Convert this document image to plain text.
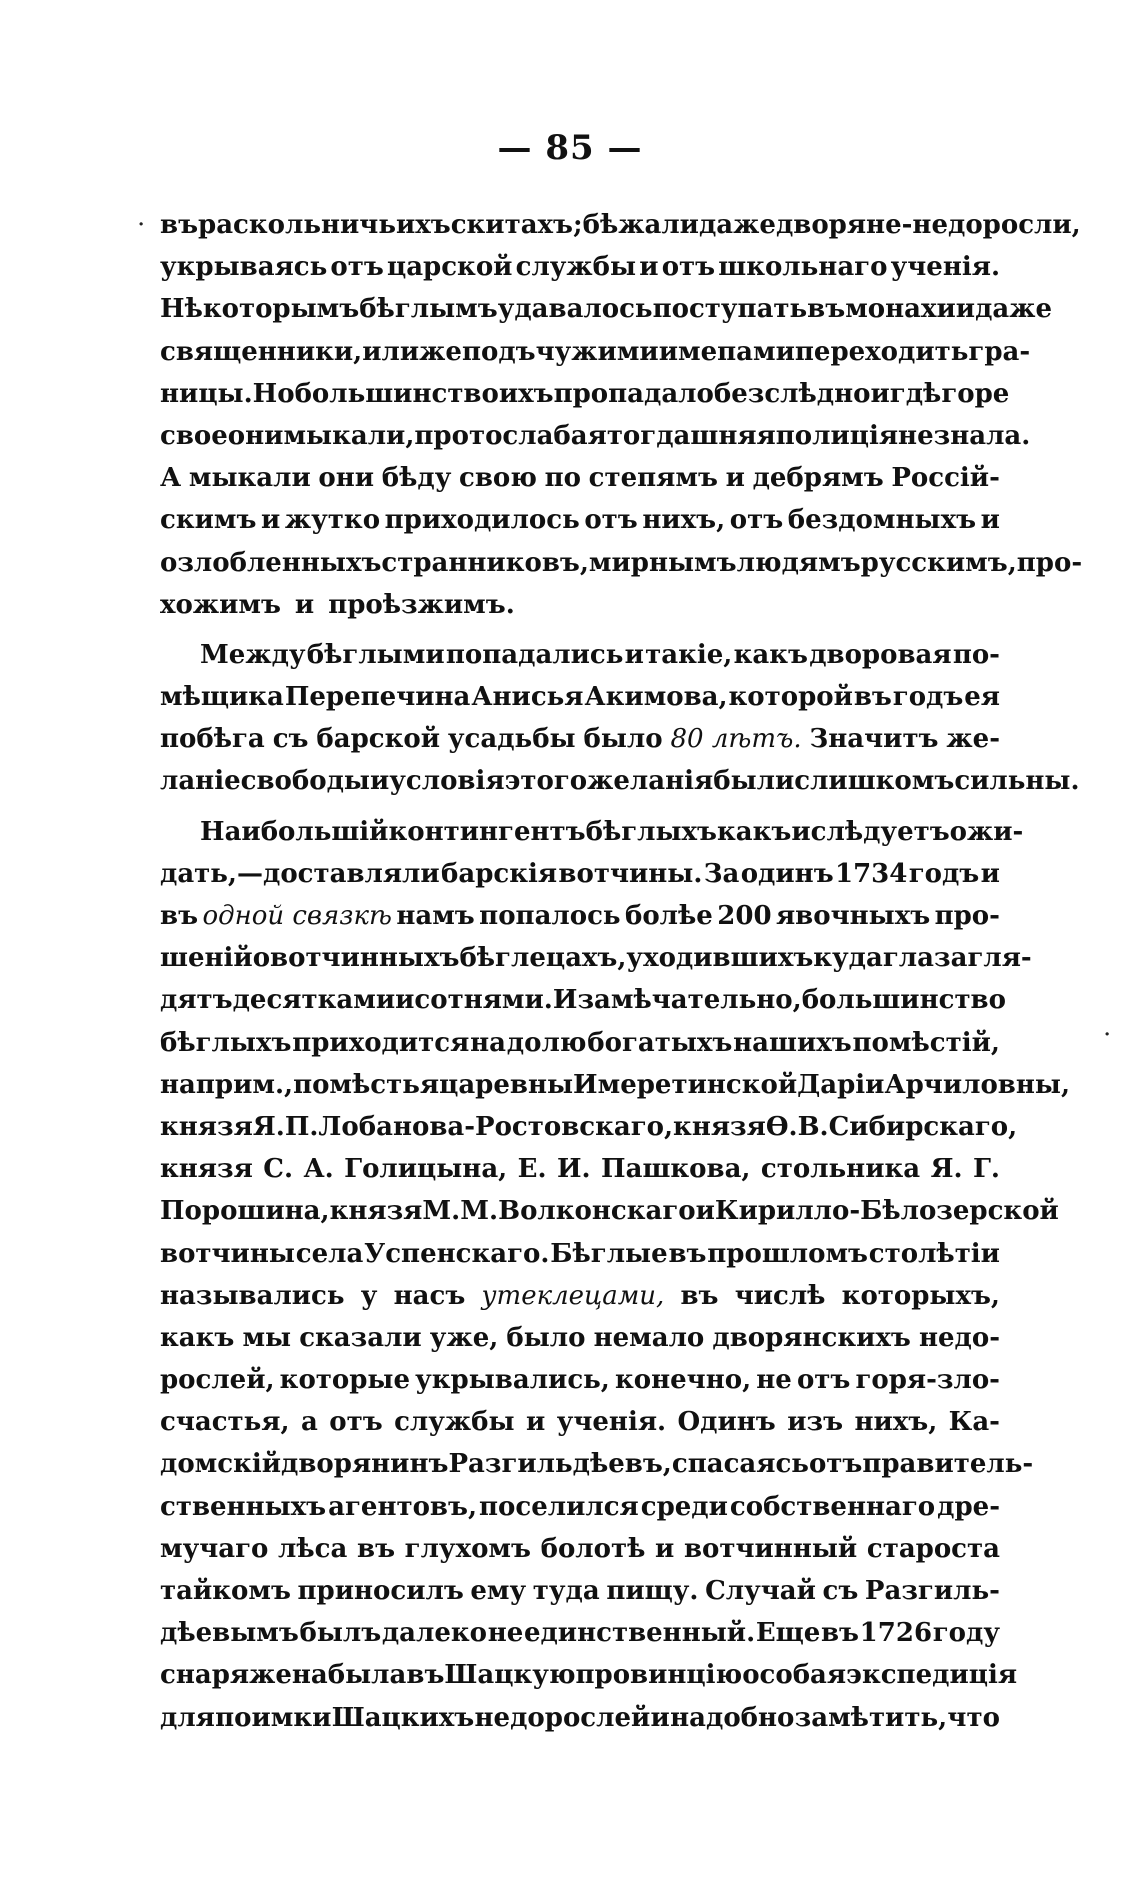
— 85 —
въ раскольничьихъ скитахъ; бѣжали даже дворяне-недоросли,
укрываясь отъ царской службы и отъ школьнаго ученія.
Нѣкоторымъ бѣглымъ удавалось поступать въ монахи и даже
священники, или же подъ чужими имепами переходить гра-
ницы. Но большинство ихъ пропадало безслѣдно и гдѣ горе
свое они мыкали, про то слабая тогдашняя полиція не знала.
А мыкали они бѣду свою по степямъ и дебрямъ Россій-
скимъ и жутко приходилось отъ нихъ, отъ бездомныхъ и
озлобленныхъ странниковъ, мирнымъ людямъ русскимъ, про-
хожимъ и проѣзжимъ.
Между бѣглыми попадались и такіе, какъ дворовая по-
мѣщика Перепечина Анисья Акимова, которой въ годъ ея
побѣга съ барской усадьбы было 80 лѣтъ. Значитъ же-
ланіе свободы и условія этого желанія были слишкомъ сильны.
Наибольшій контингентъ бѣглыхъ какъ и слѣдуетъ ожи-
дать,—доставляли барскія вотчины. За одинъ 1734 годъ и
въ одной связкѣ намъ попалось болѣе 200 явочныхъ про-
шеній о вотчинныхъ бѣглецахъ, уходившихъ куда глаза гля-
дятъ десятками и сотнями. И замѣчательно, большинство
бѣглыхъ приходится на долю богатыхъ нашихъ помѣстій,
наприм., помѣстья царевны Имеретинской Даріи Арчиловны,
князя Я. П. Лобанова-Ростовскаго, князя Ѳ. В. Сибирскаго,
князя С. А. Голицына, Е. И. Пашкова, стольника Я. Г.
Порошина, князя М. М. Волконскаго и Кирилло-Бѣлозерской
вотчины села Успенскаго. Бѣглые въ прошломъ столѣтіи
назывались у насъ утеклецами, въ числѣ которыхъ,
какъ мы сказали уже, было немало дворянскихъ недо-
рослей, которые укрывались, конечно, не отъ горя-зло-
счастья, а отъ службы и ученія. Одинъ изъ нихъ, Ка-
домскій дворянинъ Разгильдѣевъ, спасаясь отъ правитель-
ственныхъ агентовъ, поселился среди собственнаго дре-
мучаго лѣса въ глухомъ болотѣ и вотчинный староста
тайкомъ приносилъ ему туда пищу. Случай съ Разгиль-
дѣевымъ былъ далеко не единственный. Еще въ 1726 году
снаряжена была въ Шацкую провинцію особая экспедиція
для поимки Шацкихъ недорослей и надобно замѣтить, что
·
·
